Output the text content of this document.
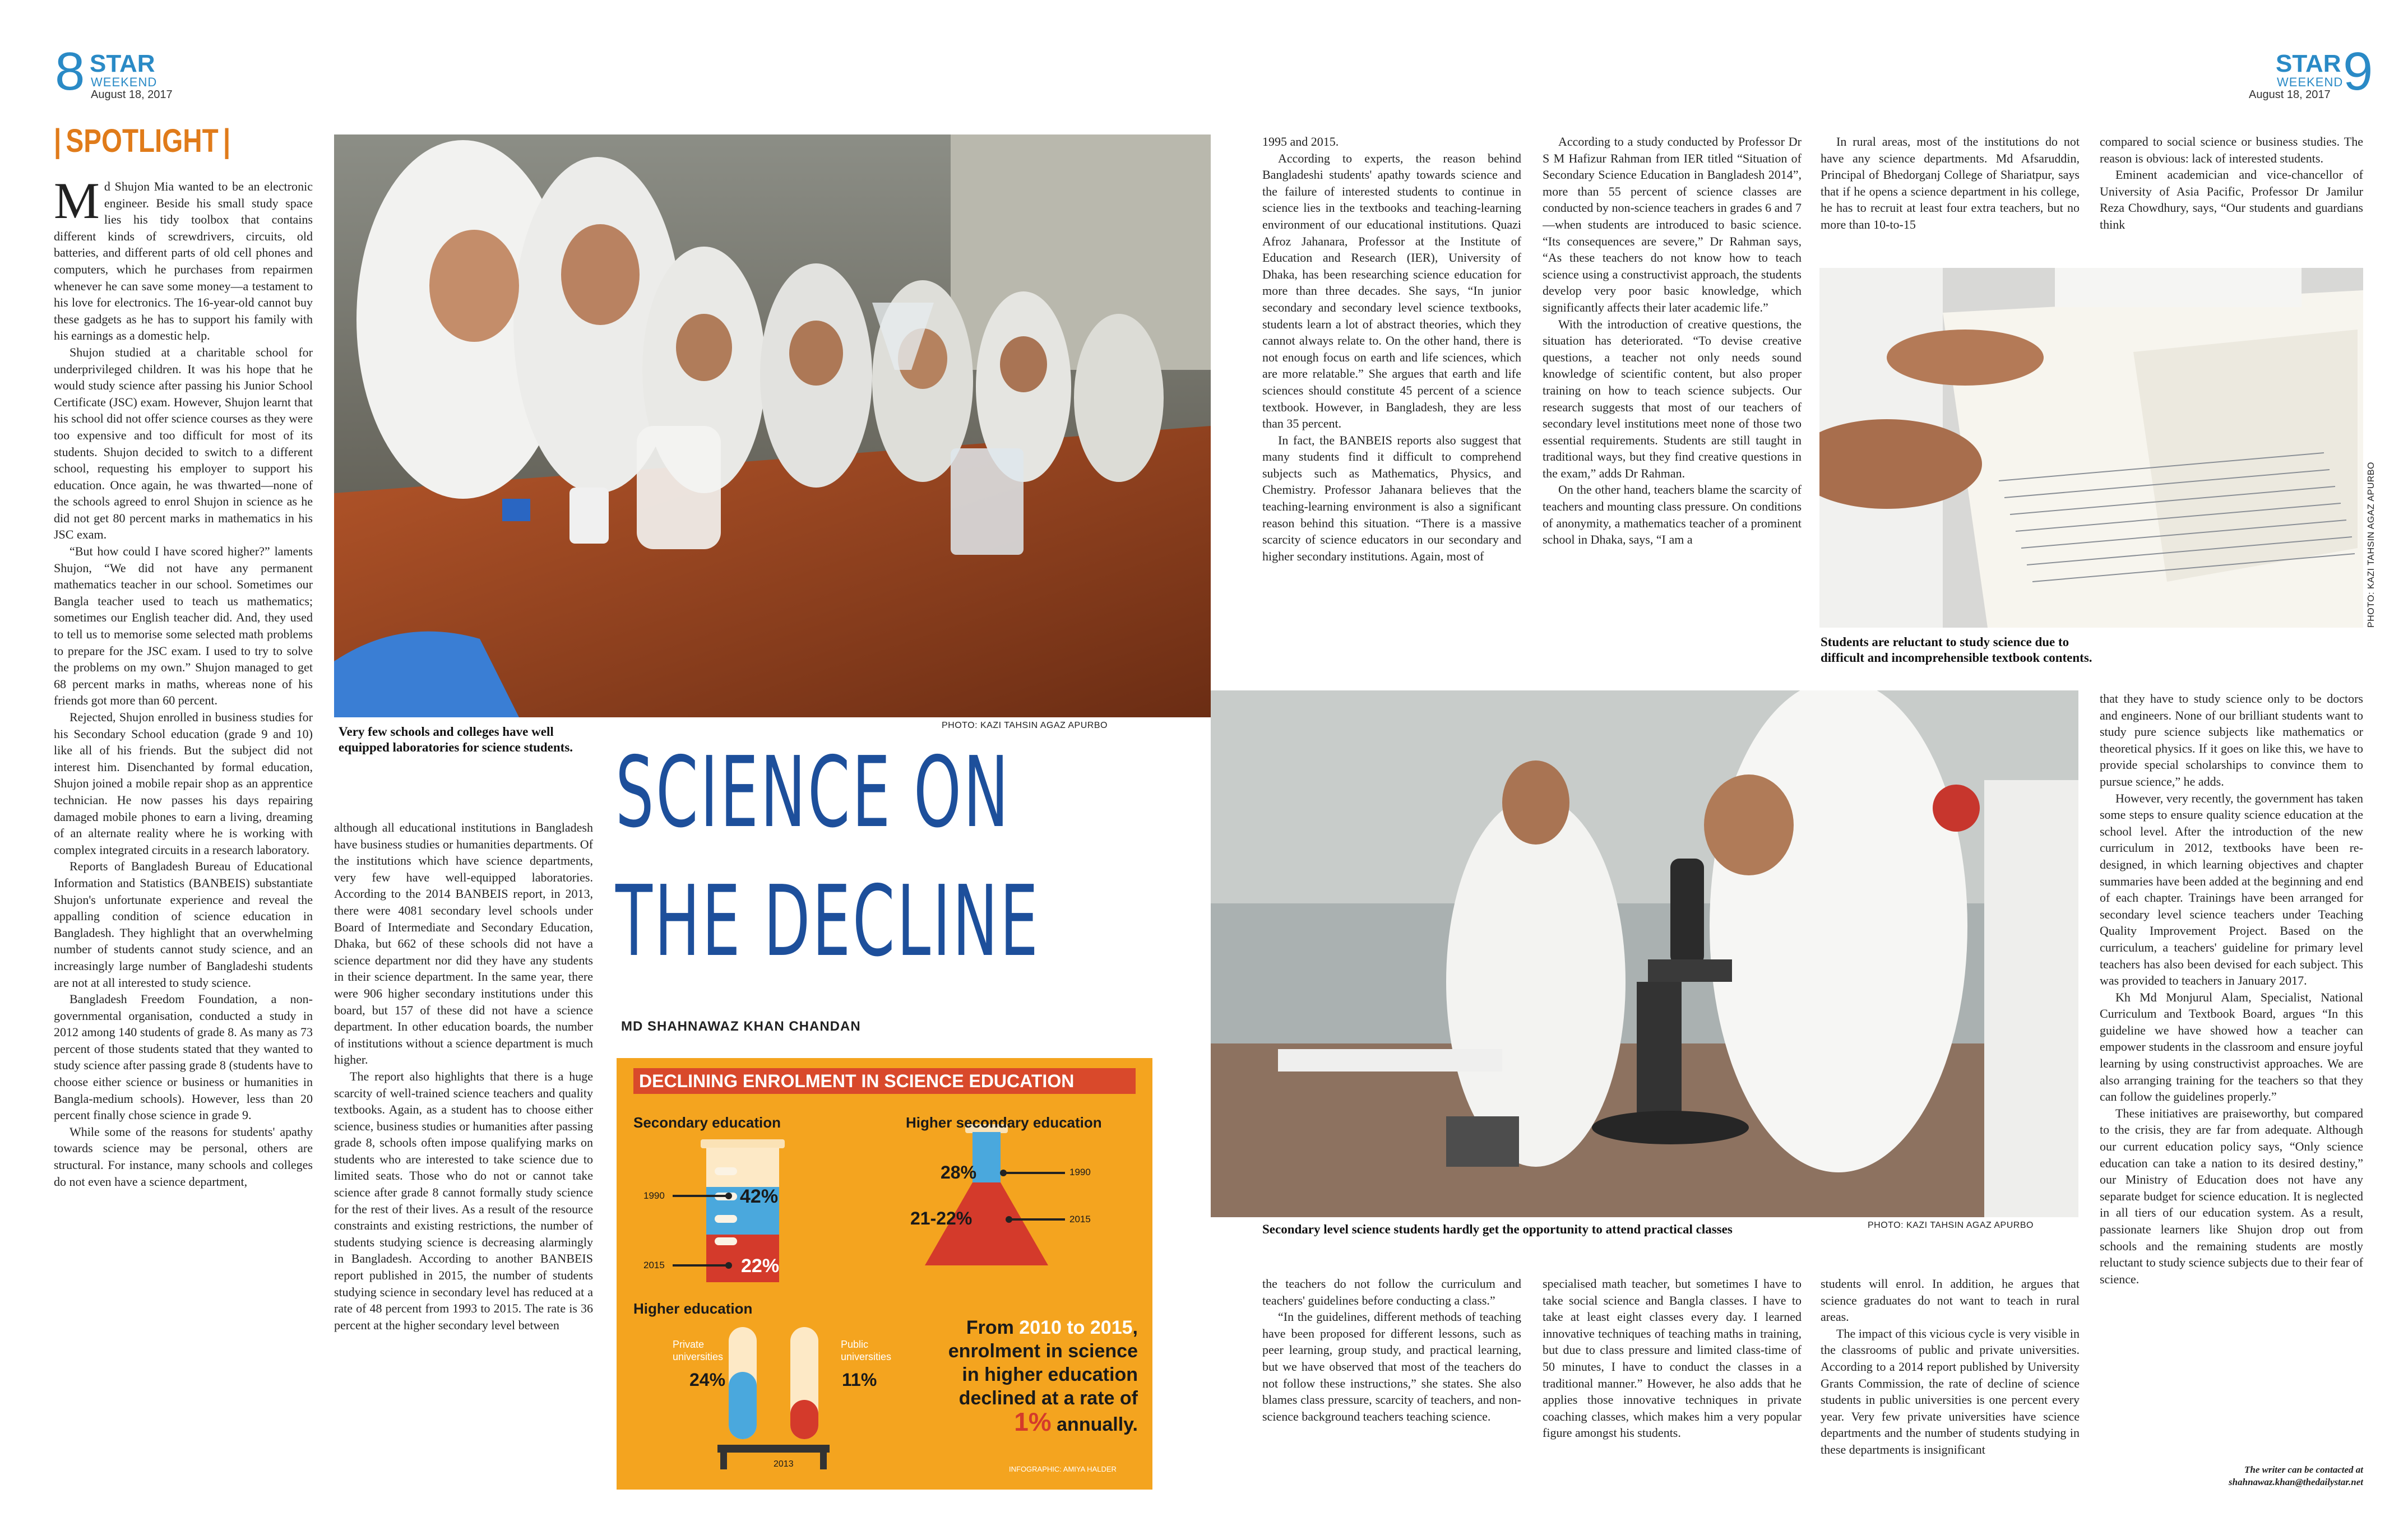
8 STAR
WEEKEND
August 18, 2017
| SPOTLIGHT |
STAR
WEEKEND
August 18, 2017 9
Very few schools and colleges have well equipped laboratories for science students.
PHOTO: KAZI TAHSIN AGAZ APURBO
PHOTO: KAZI TAHSIN AGAZ APURBO
Students are reluctant to study science due to difficult and incomprehensible textbook contents.
Secondary level science students hardly get the opportunity to attend practical classes	PHOTO: KAZI TAHSIN AGAZ APURBO
SCIENCE ON
THE DECLINE
MD SHAHNAWAZ KHAN CHANDAN
DECLINING ENROLMENT IN SCIENCE EDUCATION
Secondary education
1990	42%
2015	22%
Higher secondary education
28%	1990
21-22%	2015
Higher education
Private universities
24%
Public universities
11%
2013
From 2010 to 2015, enrolment in science in higher education declined at a rate of 1% annually.
INFOGRAPHIC: AMIYA HALDER

Md Shujon Mia wanted to be an electronic engineer. Beside his small study space lies his tidy toolbox that contains different kinds of screwdrivers, circuits, old batteries, and different parts of old cell phones and computers, which he purchases from repairmen whenever he can save some money—a testament to his love for electronics. The 16-year-old cannot buy these gadgets as he has to support his family with his earnings as a domestic help.

Shujon studied at a charitable school for underprivileged children. It was his hope that he would study science after passing his Junior School Certificate (JSC) exam. However, Shujon learnt that his school did not offer science courses as they were too expensive and too difficult for most of its students. Shujon decided to switch to a different school, requesting his employer to support his education. Once again, he was thwarted—none of the schools agreed to enrol Shujon in science as he did not get 80 percent marks in mathematics in his JSC exam.

“But how could I have scored higher?” laments Shujon, “We did not have any permanent mathematics teacher in our school. Sometimes our Bangla teacher used to teach us mathematics; sometimes our English teacher did. And, they used to tell us to memorise some selected math problems to prepare for the JSC exam. I used to try to solve the problems on my own.” Shujon managed to get 68 percent marks in maths, whereas none of his friends got more than 60 percent.

Rejected, Shujon enrolled in business studies for his Secondary School education (grade 9 and 10) like all of his friends. But the subject did not interest him. Disenchanted by formal education, Shujon joined a mobile repair shop as an apprentice technician. He now passes his days repairing damaged mobile phones to earn a living, dreaming of an alternate reality where he is working with complex integrated circuits in a research laboratory.

Reports of Bangladesh Bureau of Educational Information and Statistics (BANBEIS) substantiate Shujon's unfortunate experience and reveal the appalling condition of science education in Bangladesh. They highlight that an overwhelming number of students cannot study science, and an increasingly large number of Bangladeshi students are not at all interested to study science.

Bangladesh Freedom Foundation, a non-governmental organisation, conducted a study in 2012 among 140 students of grade 8. As many as 73 percent of those students stated that they wanted to study science after passing grade 8 (students have to choose either science or business or humanities in Bangla-medium schools). However, less than 20 percent finally chose science in grade 9.

While some of the reasons for students' apathy towards science may be personal, others are structural. For instance, many schools and colleges do not even have a science department,

although all educational institutions in Bangladesh have business studies or humanities departments. Of the institutions which have science departments, very few have well-equipped laboratories. According to the 2014 BANBEIS report, in 2013, there were 4081 secondary level schools under Board of Intermediate and Secondary Education, Dhaka, but 662 of these schools did not have a science department nor did they have any students in their science department. In the same year, there were 906 higher secondary institutions under this board, but 157 of these did not have a science department. In other education boards, the number of institutions without a science department is much higher.

The report also highlights that there is a huge scarcity of well-trained science teachers and quality textbooks. Again, as a student has to choose either science, business studies or humanities after passing grade 8, schools often impose qualifying marks on students who are interested to take science due to limited seats. Those who do not or cannot take science after grade 8 cannot formally study science for the rest of their lives. As a result of the resource constraints and existing restrictions, the number of students studying science is decreasing alarmingly in Bangladesh. According to another BANBEIS report published in 2015, the number of students studying science in secondary level has reduced at a rate of 48 percent from 1993 to 2015. The rate is 36 percent at the higher secondary level between

1995 and 2015.

According to experts, the reason behind Bangladeshi students' apathy towards science and the failure of interested students to continue in science lies in the textbooks and teaching-learning environment of our educational institutions. Quazi Afroz Jahanara, Professor at the Institute of Education and Research (IER), University of Dhaka, has been researching science education for more than three decades. She says, “In junior secondary and secondary level science textbooks, students learn a lot of abstract theories, which they cannot always relate to. On the other hand, there is not enough focus on earth and life sciences, which are more relatable.” She argues that earth and life sciences should constitute 45 percent of a science textbook. However, in Bangladesh, they are less than 35 percent.

In fact, the BANBEIS reports also suggest that many students find it difficult to comprehend subjects such as Mathematics, Physics, and Chemistry. Professor Jahanara believes that the teaching-learning environment is also a significant reason behind this situation. “There is a massive scarcity of science educators in our secondary and higher secondary institutions. Again, most of

According to a study conducted by Professor Dr S M Hafizur Rahman from IER titled “Situation of Secondary Science Education in Bangladesh 2014”, more than 55 percent of science classes are conducted by non-science teachers in grades 6 and 7—when students are introduced to basic science. “Its consequences are severe,” Dr Rahman says, “As these teachers do not know how to teach science using a constructivist approach, the students develop very poor basic knowledge, which significantly affects their later academic life.”

With the introduction of creative questions, the situation has deteriorated. “To devise creative questions, a teacher not only needs sound knowledge of scientific content, but also proper training on how to teach science subjects. Our research suggests that most of our teachers of secondary level institutions meet none of those two essential requirements. Students are still taught in traditional ways, but they find creative questions in the exam,” adds Dr Rahman.

On the other hand, teachers blame the scarcity of teachers and mounting class pressure. On conditions of anonymity, a mathematics teacher of a prominent school in Dhaka, says, “I am a

In rural areas, most of the institutions do not have any science departments. Md Afsaruddin, Principal of Bhedorganj College of Shariatpur, says that if he opens a science department in his college, he has to recruit at least four extra teachers, but no more than 10-to-15

compared to social science or business studies. The reason is obvious: lack of interested students.

Eminent academician and vice-chancellor of University of Asia Pacific, Professor Dr Jamilur Reza Chowdhury, says, “Our students and guardians think

the teachers do not follow the curriculum and teachers' guidelines before conducting a class.”

“In the guidelines, different methods of teaching have been proposed for different lessons, such as peer learning, group study, and practical learning, but we have observed that most of the teachers do not follow these instructions,” she states. She also blames class pressure, scarcity of teachers, and non-science background teachers teaching science.

specialised math teacher, but sometimes I have to take social science and Bangla classes. I have to take at least eight classes every day. I learned innovative techniques of teaching maths in training, but due to class pressure and limited class-time of 50 minutes, I have to conduct the classes in a traditional manner.” However, he also adds that he applies those innovative techniques in private coaching classes, which makes him a very popular figure amongst his students.

students will enrol. In addition, he argues that science graduates do not want to teach in rural areas.

The impact of this vicious cycle is very visible in the classrooms of public and private universities. According to a 2014 report published by University Grants Commission, the rate of decline of science students in public universities is one percent every year. Very few private universities have science departments and the number of students studying in these departments is insignificant

that they have to study science only to be doctors and engineers. None of our brilliant students want to study pure science subjects like mathematics or theoretical physics. If it goes on like this, we have to provide special scholarships to convince them to pursue science,” he adds.

However, very recently, the government has taken some steps to ensure quality science education at the school level. After the introduction of the new curriculum in 2012, textbooks have been re-designed, in which learning objectives and chapter summaries have been added at the beginning and end of each chapter. Trainings have been arranged for secondary level science teachers under Teaching Quality Improvement Project. Based on the curriculum, a teachers' guideline for primary level teachers has also been devised for each subject. This was provided to teachers in January 2017.

Kh Md Monjurul Alam, Specialist, National Curriculum and Textbook Board, argues “In this guideline we have showed how a teacher can empower students in the classroom and ensure joyful learning by using constructivist approaches. We are also arranging training for the teachers so that they can follow the guidelines properly.”

These initiatives are praiseworthy, but compared to the crisis, they are far from adequate. Although our current education policy says, “Only science education can take a nation to its desired destiny,” our Ministry of Education does not have any separate budget for science education. It is neglected in all tiers of our education system. As a result, passionate learners like Shujon drop out from schools and the remaining students are mostly reluctant to study science subjects due to their fear of science.

The writer can be contacted at
shahnawaz.khan@thedailystar.net
